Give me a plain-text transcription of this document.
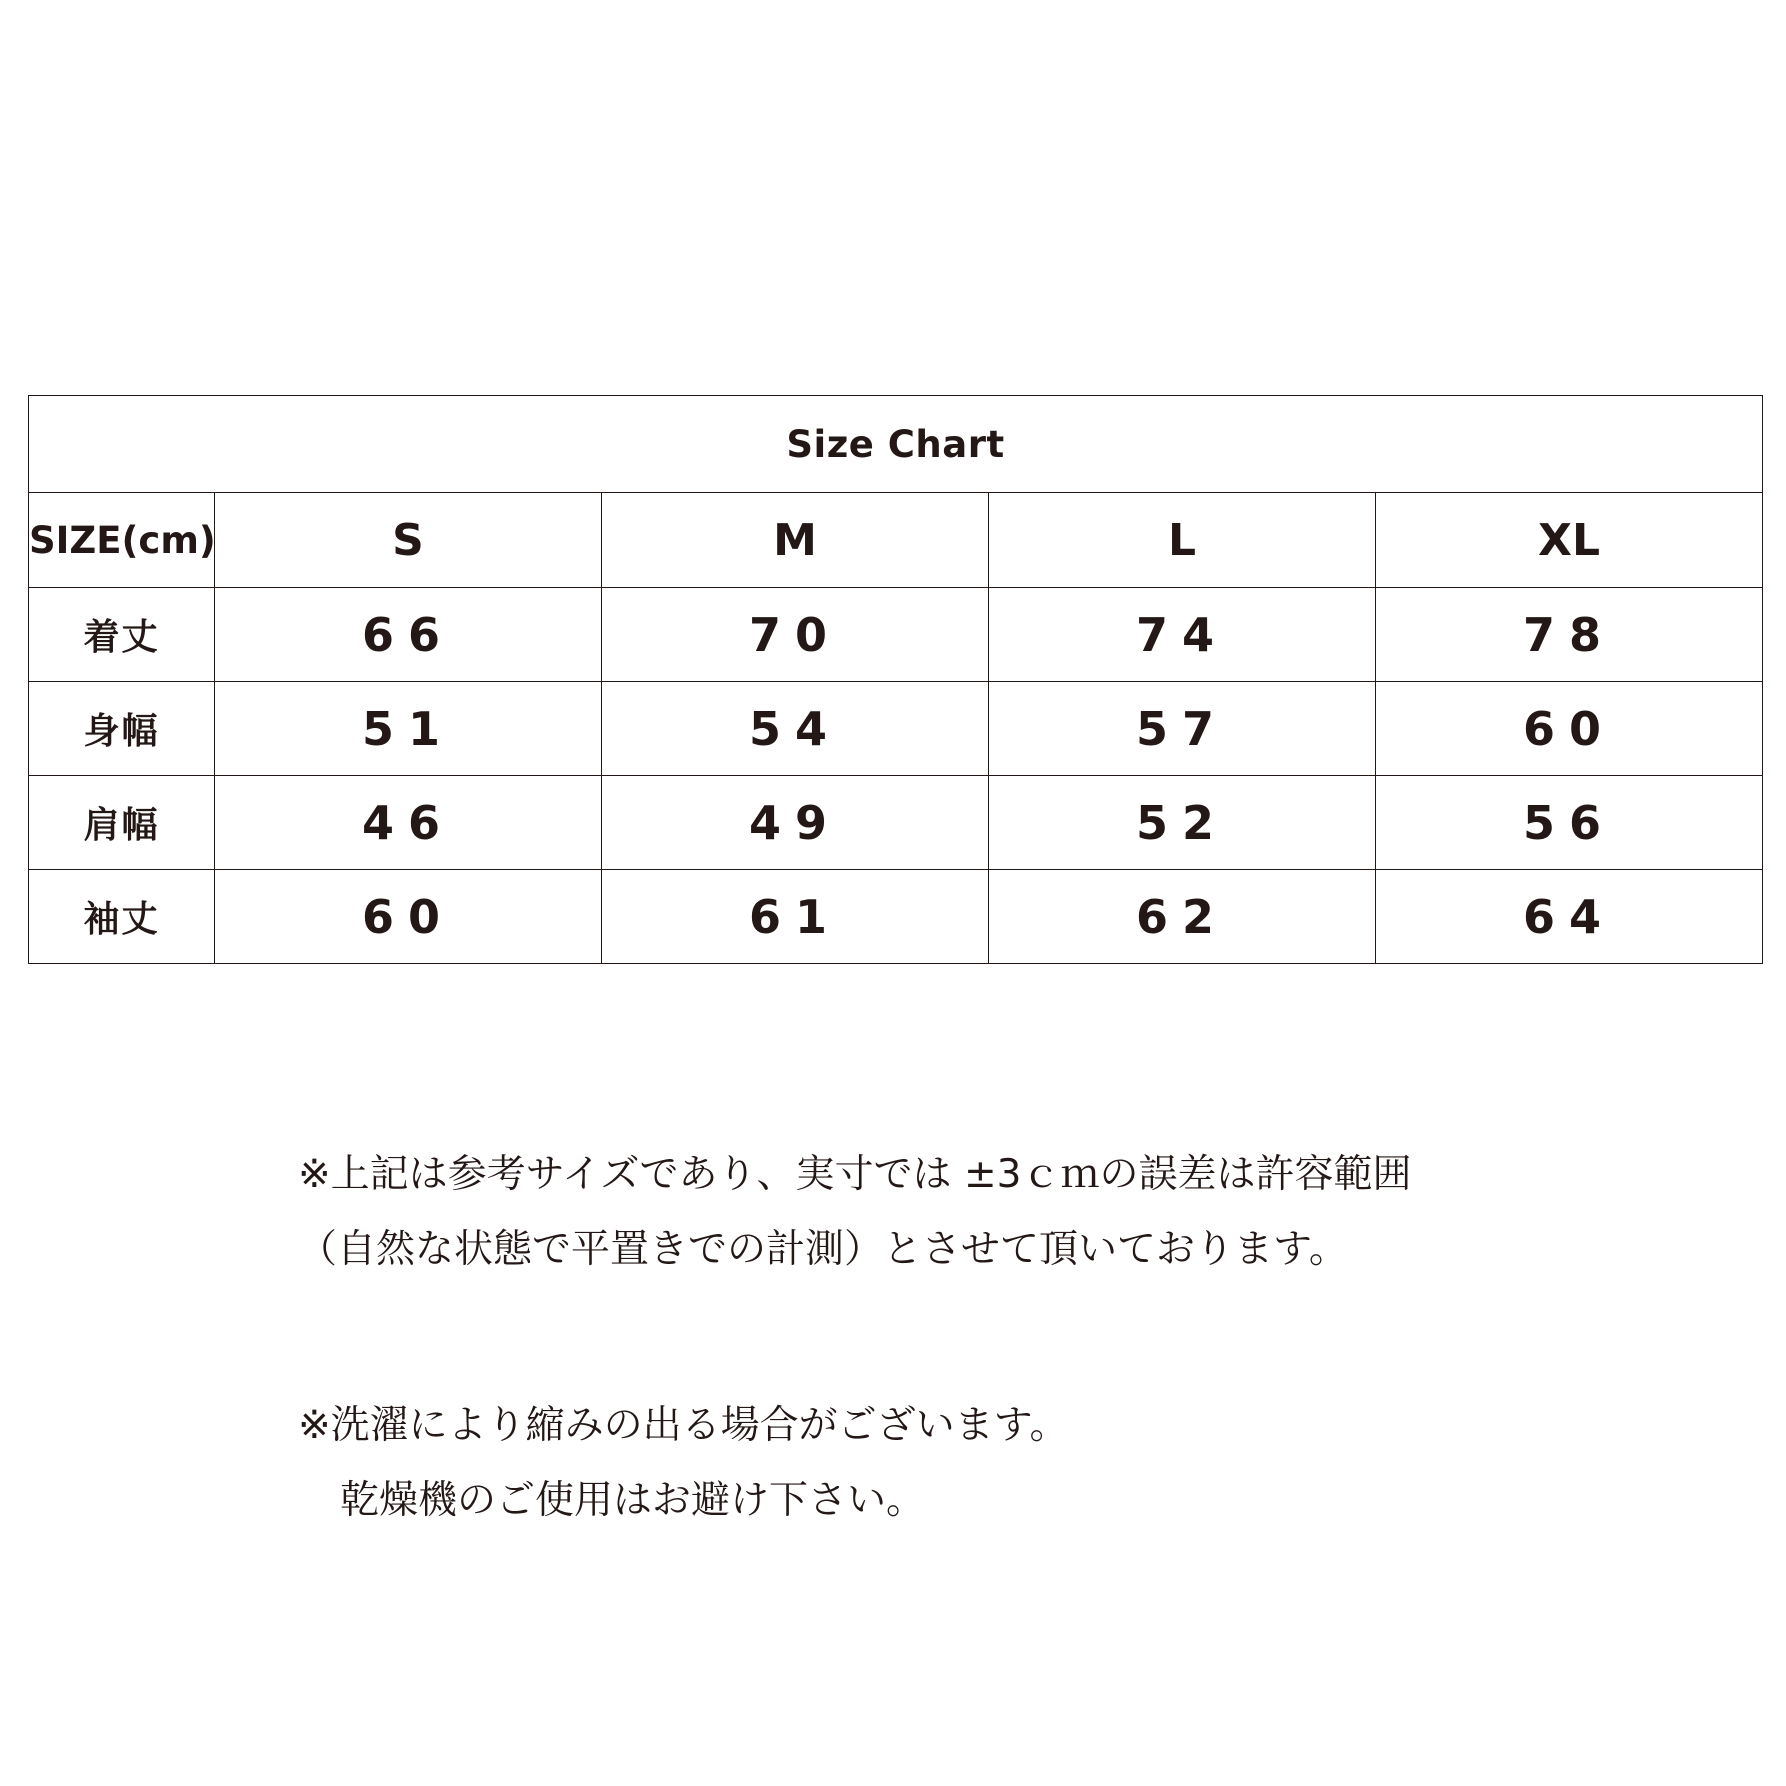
Size Chart				
SIZE(cm)	S	M	L	XL
着丈	66	70	74	78
身幅	51	54	57	60
肩幅	46	49	52	56
袖丈	60	61	62	64
※上記は参考サイズであり、実寸では ±3ｃｍの誤差は許容範囲
（自然な状態で平置きでの計測）とさせて頂いております。
※洗濯により縮みの出る場合がございます。
乾燥機のご使用はお避け下さい。
